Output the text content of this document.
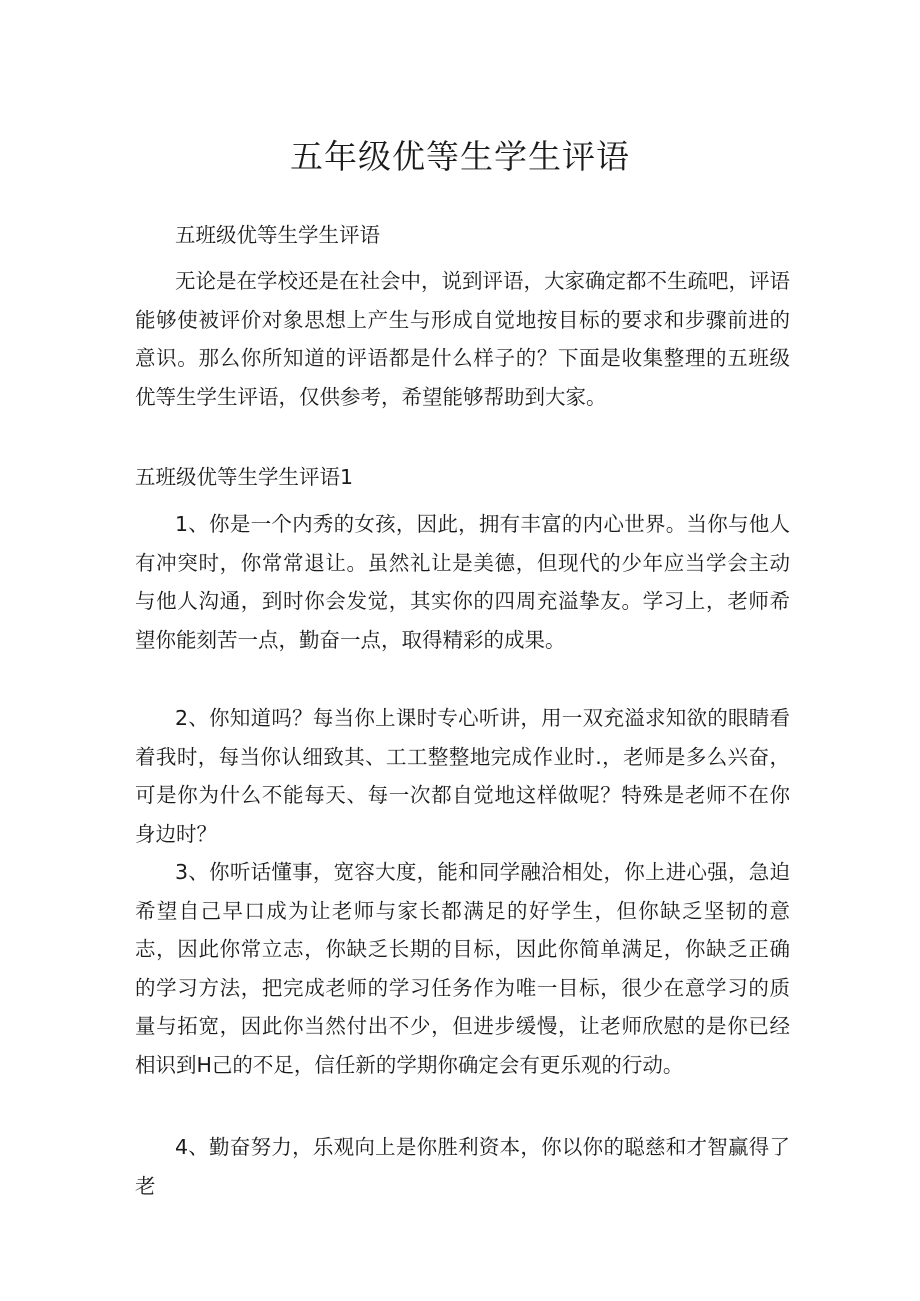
五年级优等生学生评语

五班级优等生学生评语

无论是在学校还是在社会中，说到评语，大家确定都不生疏吧，评语能够使被评价对象思想上产生与形成自觉地按目标的要求和步骤前进的意识。那么你所知道的评语都是什么样子的？下面是收集整理的五班级优等生学生评语，仅供参考，希望能够帮助到大家。

五班级优等生学生评语1

1、你是一个内秀的女孩，因此，拥有丰富的内心世界。当你与他人有冲突时，你常常退让。虽然礼让是美德，但现代的少年应当学会主动与他人沟通，到时你会发觉，其实你的四周充溢挚友。学习上，老师希望你能刻苦一点，勤奋一点，取得精彩的成果。

2、你知道吗？每当你上课时专心听讲，用一双充溢求知欲的眼睛看着我时，每当你认细致其、工工整整地完成作业时.，老师是多么兴奋，可是你为什么不能每天、每一次都自觉地这样做呢？特殊是老师不在你身边时？

3、你听话懂事，宽容大度，能和同学融洽相处，你上进心强，急迫希望自己早口成为让老师与家长都满足的好学生，但你缺乏坚韧的意志，因此你常立志，你缺乏长期的目标，因此你简单满足，你缺乏正确的学习方法，把完成老师的学习任务作为唯一目标，很少在意学习的质量与拓宽，因此你当然付出不少，但进步缓慢，让老师欣慰的是你已经相识到H己的不足，信任新的学期你确定会有更乐观的行动。

4、勤奋努力，乐观向上是你胜利资本，你以你的聪慈和才智赢得了老
